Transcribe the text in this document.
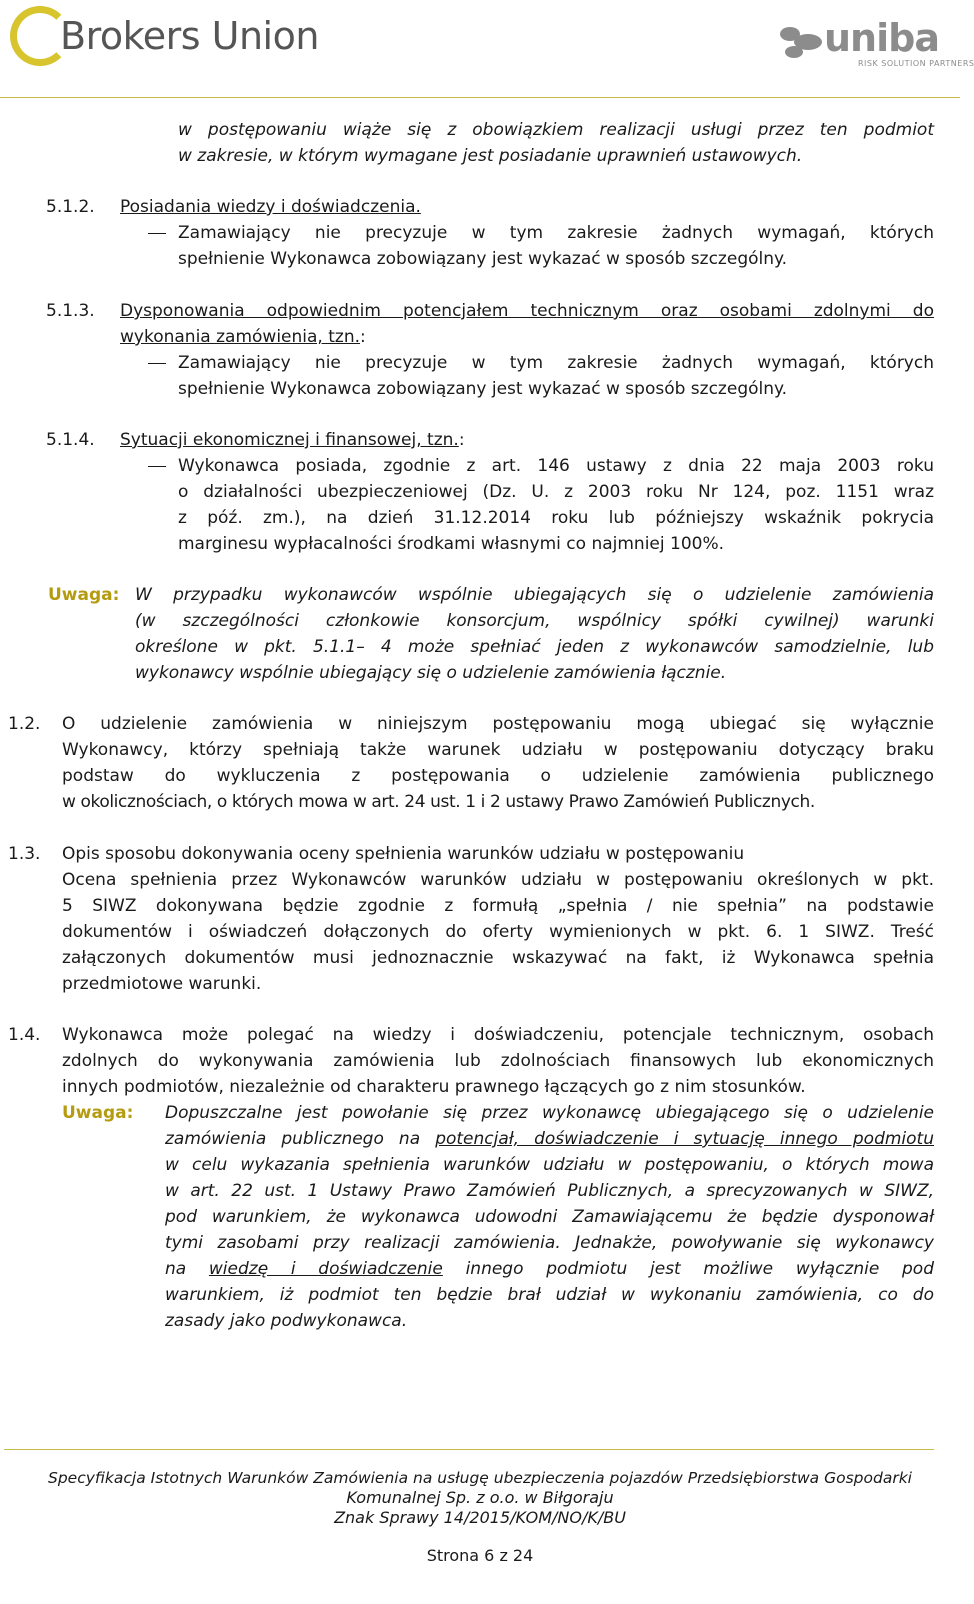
Brokers Union	uniba
RISK SOLUTION PARTNERS
w postępowaniu wiąże się z obowiązkiem realizacji usługi przez ten podmiot
w zakresie, w którym wymagane jest posiadanie uprawnień ustawowych.
5.1.2. Posiadania wiedzy i doświadczenia.
Zamawiający nie precyzuje w tym zakresie żadnych wymagań, których
spełnienie Wykonawca zobowiązany jest wykazać w sposób szczególny.
5.1.3. Dysponowania odpowiednim potencjałem technicznym oraz osobami zdolnymi do
wykonania zamówienia, tzn.:
Zamawiający nie precyzuje w tym zakresie żadnych wymagań, których
spełnienie Wykonawca zobowiązany jest wykazać w sposób szczególny.
5.1.4. Sytuacji ekonomicznej i finansowej, tzn.:
Wykonawca posiada, zgodnie z art. 146 ustawy z dnia 22 maja 2003 roku
o działalności ubezpieczeniowej (Dz. U. z 2003 roku Nr 124, poz. 1151 wraz
z póź. zm.), na dzień 31.12.2014 roku lub późniejszy wskaźnik pokrycia
marginesu wypłacalności środkami własnymi co najmniej 100%.
Uwaga: W przypadku wykonawców wspólnie ubiegających się o udzielenie zamówienia
(w szczególności członkowie konsorcjum, wspólnicy spółki cywilnej) warunki
określone w pkt. 5.1.1– 4 może spełniać jeden z wykonawców samodzielnie, lub
wykonawcy wspólnie ubiegający się o udzielenie zamówienia łącznie.
1.2. O udzielenie zamówienia w niniejszym postępowaniu mogą ubiegać się wyłącznie
Wykonawcy, którzy spełniają także warunek udziału w postępowaniu dotyczący braku
podstaw do wykluczenia z postępowania o udzielenie zamówienia publicznego
w okolicznościach, o których mowa w art. 24 ust. 1 i 2 ustawy Prawo Zamówień Publicznych.
1.3. Opis sposobu dokonywania oceny spełnienia warunków udziału w postępowaniu
Ocena spełnienia przez Wykonawców warunków udziału w postępowaniu określonych w pkt.
5 SIWZ dokonywana będzie zgodnie z formułą „spełnia / nie spełnia” na podstawie
dokumentów i oświadczeń dołączonych do oferty wymienionych w pkt. 6. 1 SIWZ. Treść
załączonych dokumentów musi jednoznacznie wskazywać na fakt, iż Wykonawca spełnia
przedmiotowe warunki.
1.4. Wykonawca może polegać na wiedzy i doświadczeniu, potencjale technicznym, osobach
zdolnych do wykonywania zamówienia lub zdolnościach finansowych lub ekonomicznych
innych podmiotów, niezależnie od charakteru prawnego łączących go z nim stosunków.
Uwaga: Dopuszczalne jest powołanie się przez wykonawcę ubiegającego się o udzielenie
zamówienia publicznego na potencjał, doświadczenie i sytuację innego podmiotu
w celu wykazania spełnienia warunków udziału w postępowaniu, o których mowa
w art. 22 ust. 1 Ustawy Prawo Zamówień Publicznych, a sprecyzowanych w SIWZ,
pod warunkiem, że wykonawca udowodni Zamawiającemu że będzie dysponował
tymi zasobami przy realizacji zamówienia. Jednakże, powoływanie się wykonawcy
na wiedzę i doświadczenie innego podmiotu jest możliwe wyłącznie pod
warunkiem, iż podmiot ten będzie brał udział w wykonaniu zamówienia, co do
zasady jako podwykonawca.
Specyfikacja Istotnych Warunków Zamówienia na usługę ubezpieczenia pojazdów Przedsiębiorstwa Gospodarki
Komunalnej Sp. z o.o. w Biłgoraju
Znak Sprawy 14/2015/KOM/NO/K/BU
Strona 6 z 24
